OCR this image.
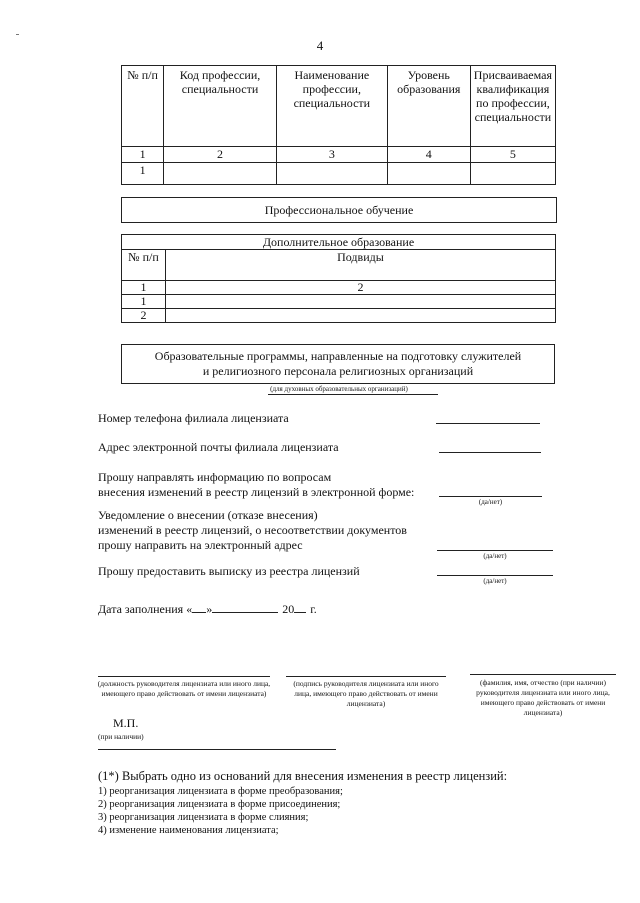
4
№ п/п	Код профессии, специальности	Наименование профессии, специальности	Уровень образования	Присваиваемая квалификация по профессии, специальности
1	2	3	4	5
1				
Профессиональное обучение
Дополнительное образование	
№ п/п	Подвиды
1	2
1	
2	
Образовательные программы, направленные на подготовку служителей
и религиозного персонала религиозных организаций
(для духовных образовательных организаций)
Номер телефона филиала лицензиата
Адрес электронной почты филиала лицензиата
Прошу направлять информацию по вопросам
внесения изменений в реестр лицензий в электронной форме:
(да/нет)
Уведомление о внесении (отказе внесения)
изменений в реестр лицензий, о несоответствии документов
прошу направить на электронный адрес
(да/нет)
Прошу предоставить выписку из реестра лицензий
(да/нет)
Дата заполнения « »	20 г.
(должность руководителя лицензиата или иного лица, имеющего право действовать от имени лицензиата)
(подпись руководителя лицензиата или иного лица, имеющего право действовать от имени лицензиата)
(фамилия, имя, отчество (при наличии) руководителя лицензиата или иного лица, имеющего право действовать от имени лицензиата)
М.П.
(при наличии)
(1*) Выбрать одно из оснований для внесения изменения в реестр лицензий:
1) реорганизация лицензиата в форме преобразования;
2) реорганизация лицензиата в форме присоединения;
3) реорганизация лицензиата в форме слияния;
4) изменение наименования лицензиата;
